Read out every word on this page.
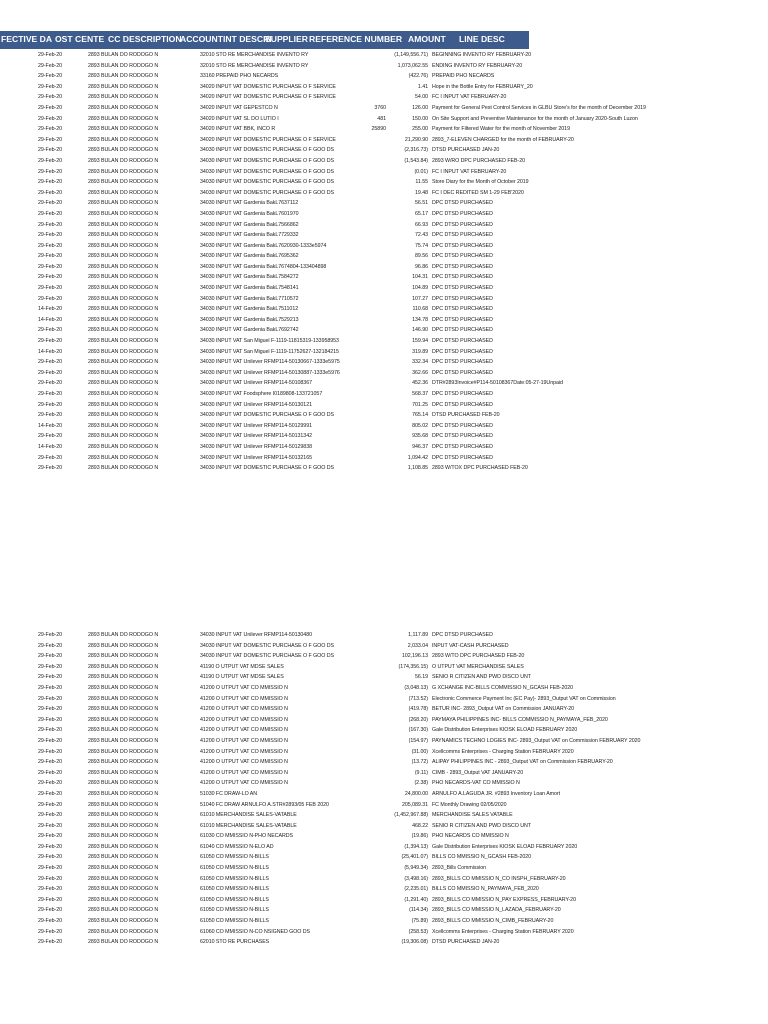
FECTIVE DA OST CENTE CC DESCRIPTION
ACCOUNTINT DESCRI
SUPPLIER REFERENCE NUMBER AMOUNT LINE DESC
29-Feb-20	2893 BULAN DO RODOGO N	32010 STO RE MERCHANDISE INVENTO RY	(1,149,556.71) BEGINNING INVENTO RY FEBRUARY-20
29-Feb-20	2893 BULAN DO RODOGO N	32010 STO RE MERCHANDISE INVENTO RY	1,073,062.55 ENDING INVENTO RY FEBRUARY-20
29-Feb-20	2893 BULAN DO RODOGO N	33160 PREPAID PHO NECARDS	(422.76) PREPAID PHO NECARDS
29-Feb-20	2893 BULAN DO RODOGO N	34020 INPUT VAT DOMESTIC PURCHASE O F SERVICE	1.41 Hope in the Bottle Entry for FEBRUARY_20
29-Feb-20	2893 BULAN DO RODOGO N	34020 INPUT VAT DOMESTIC PURCHASE O F SERVICE	54.00 FC I INPUT VAT FEBRUARY-20
29-Feb-20	2893 BULAN DO RODOGO N	34020 INPUT VAT GEPESTCO N	3760	126.00 Payment for General Pest Control Services in GLBU Store's for the month of December 2019
29-Feb-20	2893 BULAN DO RODOGO N	34020 INPUT VAT SL DO LUTIO I	481	150.00 On Site Support and Preventive Maintenance for the month of January 2020-South Luzon
29-Feb-20	2893 BULAN DO RODOGO N	34020 INPUT VAT BBK, INCO R	25890	255.00 Payment for Filtered Water for the month of November 2019
29-Feb-20	2893 BULAN DO RODOGO N	34020 INPUT VAT DOMESTIC PURCHASE O F SERVICE	21,290.90 2893_7-ELEVEN CHARGED for the month of FEBRUARY-20
29-Feb-20	2893 BULAN DO RODOGO N	34030 INPUT VAT DOMESTIC PURCHASE O F GOO DS	(2,316.73) DTSD PURCHASED JAN-20
29-Feb-20	2893 BULAN DO RODOGO N	34030 INPUT VAT DOMESTIC PURCHASE O F GOO DS	(1,543.84) 2893 W/RO DPC PURCHASED FEB-20
29-Feb-20	2893 BULAN DO RODOGO N	34030 INPUT VAT DOMESTIC PURCHASE O F GOO DS	(0.01) FC I INPUT VAT FEBRUARY-20
29-Feb-20	2893 BULAN DO RODOGO N	34030 INPUT VAT DOMESTIC PURCHASE O F GOO DS	11.55 Store Diary for the Month of October 2019
29-Feb-20	2893 BULAN DO RODOGO N	34030 INPUT VAT DOMESTIC PURCHASE O F GOO DS	19.48 FC I DEC REDITED SM 1-29 FEB'2020
29-Feb-20	2893 BULAN DO RODOGO N	34030 INPUT VAT Gardenia BakL7637112	56.51 DPC DTSD PURCHASED
29-Feb-20	2893 BULAN DO RODOGO N	34030 INPUT VAT Gardenia BakL7601970	65.17 DPC DTSD PURCHASED
29-Feb-20	2893 BULAN DO RODOGO N	34030 INPUT VAT Gardenia BakL7566862	66.93 DPC DTSD PURCHASED
29-Feb-20	2893 BULAN DO RODOGO N	34030 INPUT VAT Gardenia BakL7729332	72.43 DPC DTSD PURCHASED
29-Feb-20	2893 BULAN DO RODOGO N	34030 INPUT VAT Gardenia BakL7620930-1333e5974	75.74 DPC DTSD PURCHASED
29-Feb-20	2893 BULAN DO RODOGO N	34030 INPUT VAT Gardenia BakL7695362	89.56 DPC DTSD PURCHASED
29-Feb-20	2893 BULAN DO RODOGO N	34030 INPUT VAT Gardenia BakL7674804-133404898	96.86 DPC DTSD PURCHASED
29-Feb-20	2893 BULAN DO RODOGO N	34030 INPUT VAT Gardenia BakL7584272	104.31 DPC DTSD PURCHASED
29-Feb-20	2893 BULAN DO RODOGO N	34030 INPUT VAT Gardenia BakL7548141	104.89 DPC DTSD PURCHASED
29-Feb-20	2893 BULAN DO RODOGO N	34030 INPUT VAT Gardenia BakL7710572	107.27 DPC DTSD PURCHASED
14-Feb-20	2893 BULAN DO RODOGO N	34030 INPUT VAT Gardenia BakL7511012	110.68 DPC DTSD PURCHASED
14-Feb-20	2893 BULAN DO RODOGO N	34030 INPUT VAT Gardenia BakL7529213	134.78 DPC DTSD PURCHASED
29-Feb-20	2893 BULAN DO RODOGO N	34030 INPUT VAT Gardenia BakL7692742	146.90 DPC DTSD PURCHASED
29-Feb-20	2893 BULAN DO RODOGO N	34030 INPUT VAT San Miguel F-1119-11815319-133958953	159.94 DPC DTSD PURCHASED
14-Feb-20	2893 BULAN DO RODOGO N	34030 INPUT VAT San Miguel F-1119-11752627-132184215	319.89 DPC DTSD PURCHASED
29-Feb-20	2893 BULAN DO RODOGO N	34030 INPUT VAT Unilever RFMP114-50130667-1333e5975	332.34 DPC DTSD PURCHASED
29-Feb-20	2893 BULAN DO RODOGO N	34030 INPUT VAT Unilever RFMP114-50130887-1333e5976	362.66 DPC DTSD PURCHASED
29-Feb-20	2893 BULAN DO RODOGO N	34030 INPUT VAT Unilever RFMP114-50108367	452.36 DTR#2893Invoice#P114-50108367Date:05-27-19Unpaid
29-Feb-20	2893 BULAN DO RODOGO N	34030 INPUT VAT Foodsphere I0189808-133721057	568.37 DPC DTSD PURCHASED
29-Feb-20	2893 BULAN DO RODOGO N	34030 INPUT VAT Unilever RFMP114-50130121	701.25 DPC DTSD PURCHASED
29-Feb-20	2893 BULAN DO RODOGO N	34030 INPUT VAT DOMESTIC PURCHASE O F GOO DS	765.14 DTSD PURCHASED FEB-20
14-Feb-20	2893 BULAN DO RODOGO N	34030 INPUT VAT Unilever RFMP114-50129991	805.02 DPC DTSD PURCHASED
29-Feb-20	2893 BULAN DO RODOGO N	34030 INPUT VAT Unilever RFMP114-50131342	935.68 DPC DTSD PURCHASED
14-Feb-20	2893 BULAN DO RODOGO N	34030 INPUT VAT Unilever RFMP114-50129838	946.37 DPC DTSD PURCHASED
29-Feb-20	2893 BULAN DO RODOGO N	34030 INPUT VAT Unilever RFMP114-50132165	1,094.42 DPC DTSD PURCHASED
29-Feb-20	2893 BULAN DO RODOGO N	34030 INPUT VAT DOMESTIC PURCHASE O F GOO DS	1,108.85 2893 W/TOX DPC PURCHASED FEB-20
29-Feb-20	2893 BULAN DO RODOGO N	34030 INPUT VAT Unilever RFMP114-50130480	1,117.89 DPC DTSD PURCHASED
29-Feb-20	2893 BULAN DO RODOGO N	34030 INPUT VAT DOMESTIC PURCHASE O F GOO DS	2,033.04 INPUT VAT-CASH PURCHASED
29-Feb-20	2893 BULAN DO RODOGO N	34030 INPUT VAT DOMESTIC PURCHASE O F GOO DS	102,196.13 2893 W/TO DPC PURCHASED FEB-20
29-Feb-20	2893 BULAN DO RODOGO N	41190 O UTPUT VAT MDSE SALES	(174,356.15) O UTPUT VAT MERCHANDISE SALES
29-Feb-20	2893 BULAN DO RODOGO N	41190 O UTPUT VAT MDSE SALES	56.19 SENIO R CITIZEN AND PWD DISCO UNT
29-Feb-20	2893 BULAN DO RODOGO N	41200 O UTPUT VAT CO MMISSIO N	(3,048.13) G XCHANGE INC-BILLS COMMISSIO N_GCASH FEB-2020
29-Feb-20	2893 BULAN DO RODOGO N	41200 O UTPUT VAT CO MMISSIO N	(713.52) Electronic Commerce Payment Inc (EC Pay)- 2893_Output VAT on Commission
29-Feb-20	2893 BULAN DO RODOGO N	41200 O UTPUT VAT CO MMISSIO N	(419.78) BETUR INC- 2893_Output VAT on Commission JANUARY-20
29-Feb-20	2893 BULAN DO RODOGO N	41200 O UTPUT VAT CO MMISSIO N	(268.20) PAYMAYA PHILIPPINES INC- BILLS COMMISSIO N_PAYMAYA_FEB_2020
29-Feb-20	2893 BULAN DO RODOGO N	41200 O UTPUT VAT CO MMISSIO N	(167.30) Gale Distribution Enterprises KIOSK ELOAD FEBRUARY 2020
29-Feb-20	2893 BULAN DO RODOGO N	41200 O UTPUT VAT CO MMISSIO N	(154.97) PAYNAMICS TECHNO LOGIES INC- 2893_Output VAT on Commission FEBRUARY 2020
29-Feb-20	2893 BULAN DO RODOGO N	41200 O UTPUT VAT CO MMISSIO N	(31.00) Xcellcomms Enterprises - Charging Station FEBRUARY 2020
29-Feb-20	2893 BULAN DO RODOGO N	41200 O UTPUT VAT CO MMISSIO N	(13.72) ALIPAY PHILIPPINES INC - 2893_Output VAT on Commission FEBRUARY-20
29-Feb-20	2893 BULAN DO RODOGO N	41200 O UTPUT VAT CO MMISSIO N	(9.11) CIMB - 2893_Output VAT JANUARY-20
29-Feb-20	2893 BULAN DO RODOGO N	41200 O UTPUT VAT CO MMISSIO N	(2.38) PHO NECARDS-VAT CO MMISSIO N
29-Feb-20	2893 BULAN DO RODOGO N	51030 FC DRAW-LO AN	24,800.00 ARNULFO A.LAGUDA JR. #2893 Inventory Loan Amort
29-Feb-20	2893 BULAN DO RODOGO N	51040 FC DRAW ARNULFO A.STR#2893/05 FEB 2020	205,089.31 FC Monthly Drawing 02/05/2020
29-Feb-20	2893 BULAN DO RODOGO N	61010 MERCHANDISE SALES-VATABLE	(1,452,967.88) MERCHANDISE SALES VATABLE
29-Feb-20	2893 BULAN DO RODOGO N	61010 MERCHANDISE SALES-VATABLE	468.22 SENIO R CITIZEN AND PWD DISCO UNT
29-Feb-20	2893 BULAN DO RODOGO N	61030 CO MMISSIO N-PHO NECARDS	(19.86) PHO NECARDS CO MMISSIO N
29-Feb-20	2893 BULAN DO RODOGO N	61040 CO MMISSIO N-ELO AD	(1,394.13) Gale Distribution Enterprises KIOSK ELOAD FEBRUARY 2020
29-Feb-20	2893 BULAN DO RODOGO N	61050 CO MMISSIO N-BILLS	(25,401.07) BILLS CO MMISSIO N_GCASH FEB-2020
29-Feb-20	2893 BULAN DO RODOGO N	61050 CO MMISSIO N-BILLS	(5,949.34) 2893_Bills Commission
29-Feb-20	2893 BULAN DO RODOGO N	61050 CO MMISSIO N-BILLS	(3,498.16) 2893_BILLS CO MMISSIO N_CO INSPH_FEBRUARY-20
29-Feb-20	2893 BULAN DO RODOGO N	61050 CO MMISSIO N-BILLS	(2,235.01) BILLS CO MMISSIO N_PAYMAYA_FEB_2020
29-Feb-20	2893 BULAN DO RODOGO N	61050 CO MMISSIO N-BILLS	(1,291.40) 2893_BILLS CO MMISSIO N_PAY EXPRESS_FEBRUARY-20
29-Feb-20	2893 BULAN DO RODOGO N	61050 CO MMISSIO N-BILLS	(114.34) 2893_BILLS CO MMISSIO N_LAZADA_FEBRUARY-20
29-Feb-20	2893 BULAN DO RODOGO N	61050 CO MMISSIO N-BILLS	(75.89) 2893_BILLS CO MMISSIO N_CIMB_FEBRUARY-20
29-Feb-20	2893 BULAN DO RODOGO N	61060 CO MMISSIO N-CO NSIGNED GOO DS	(258.53) Xcellcomms Enterprises - Charging Station FEBRUARY 2020
29-Feb-20	2893 BULAN DO RODOGO N	62010 STO RE PURCHASES	(19,306.08) DTSD PURCHASED JAN-20
